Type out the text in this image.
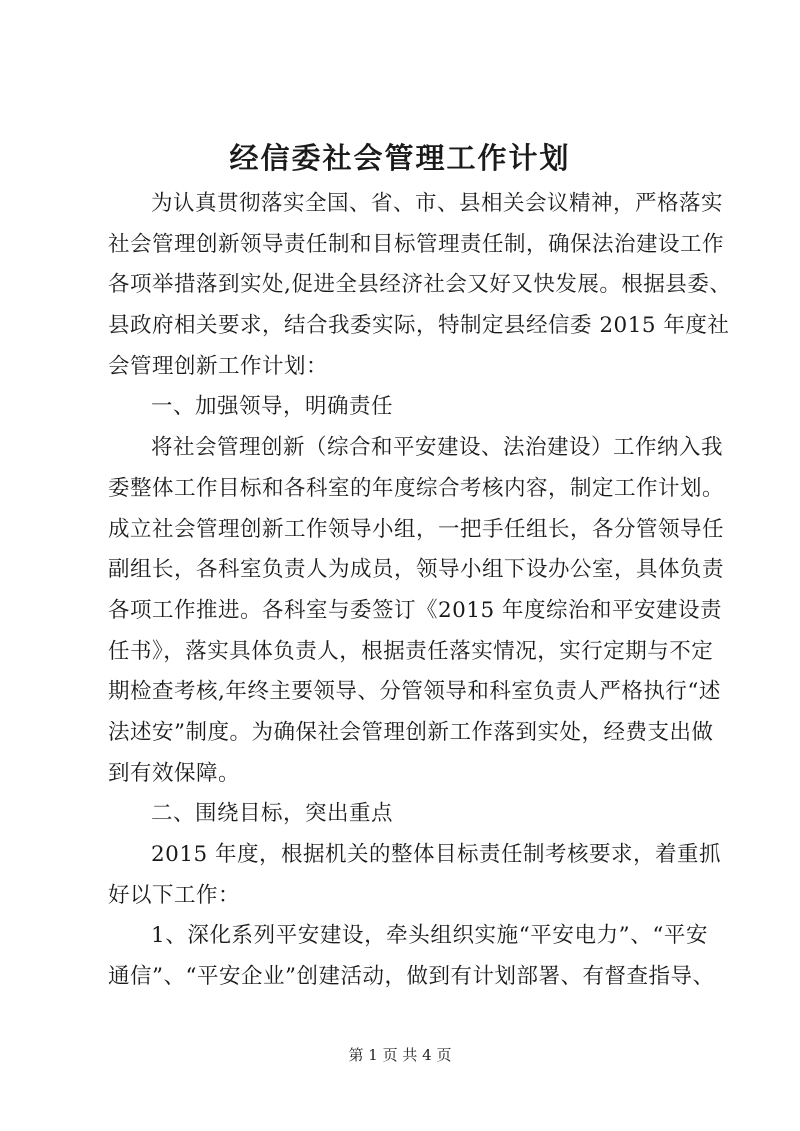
经信委社会管理工作计划
为认真贯彻落实全国、省、市、县相关会议精神，严格落实
社会管理创新领导责任制和目标管理责任制，确保法治建设工作
各项举措落到实处,促进全县经济社会又好又快发展。根据县委、
县政府相关要求，结合我委实际，特制定县经信委 2015 年度社
会管理创新工作计划：
一、加强领导，明确责任
将社会管理创新（综合和平安建设、法治建设）工作纳入我
委整体工作目标和各科室的年度综合考核内容，制定工作计划。
成立社会管理创新工作领导小组，一把手任组长，各分管领导任
副组长，各科室负责人为成员，领导小组下设办公室，具体负责
各项工作推进。各科室与委签订《2015 年度综治和平安建设责
任书》，落实具体负责人，根据责任落实情况，实行定期与不定
期检查考核,年终主要领导、分管领导和科室负责人严格执行“述
法述安”制度。为确保社会管理创新工作落到实处，经费支出做
到有效保障。
二、围绕目标，突出重点
2015 年度，根据机关的整体目标责任制考核要求，着重抓
好以下工作：
1、深化系列平安建设，牵头组织实施“平安电力”、“平安
通信”、“平安企业”创建活动，做到有计划部署、有督查指导、
第 1 页 共 4 页
